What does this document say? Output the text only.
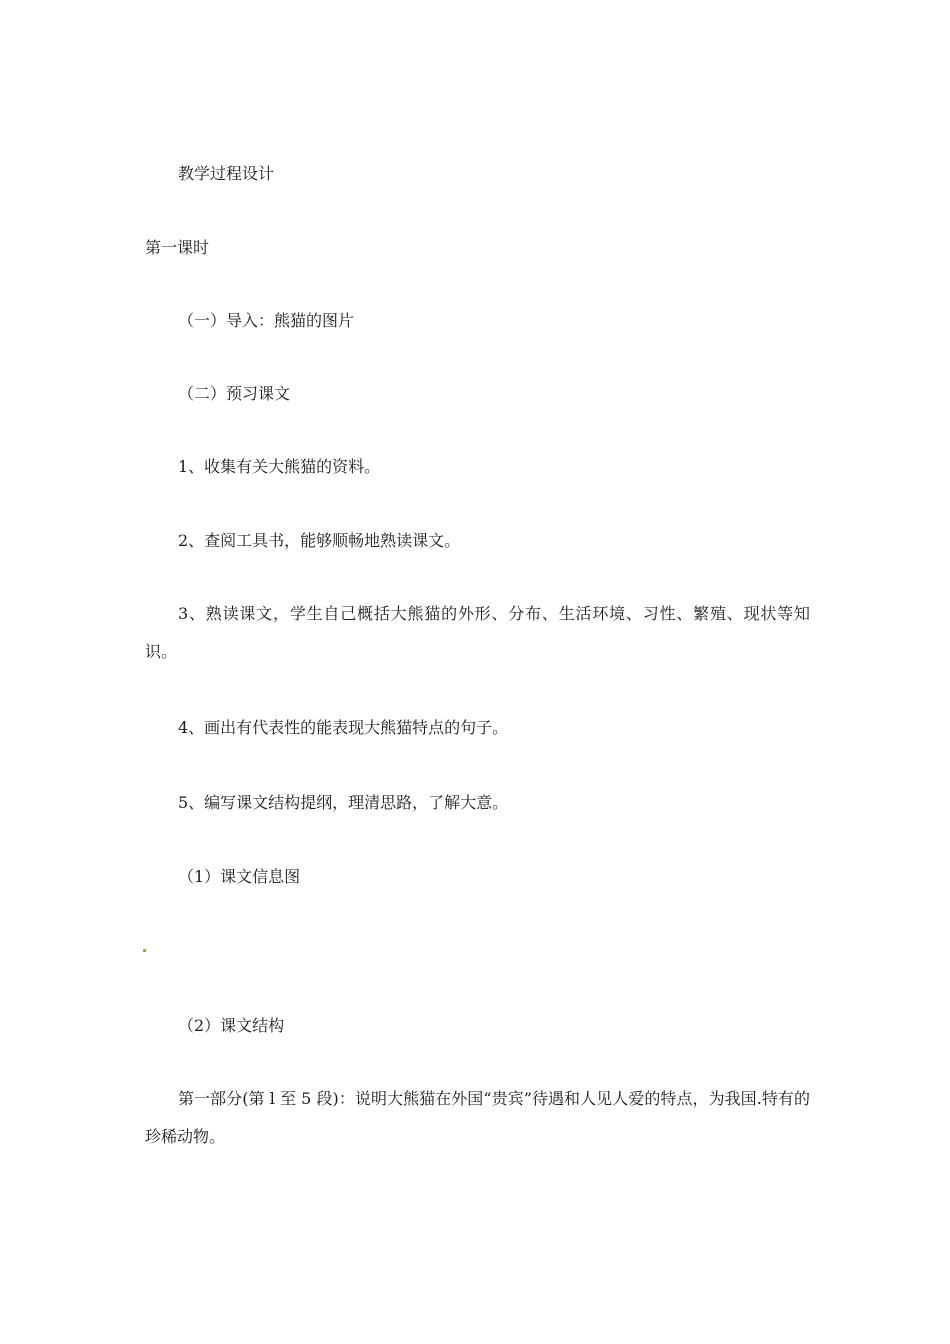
教学过程设计
第一课时
（一）导入：熊猫的图片
（二）预习课文
1、收集有关大熊猫的资料。
2、查阅工具书，能够顺畅地熟读课文。

3、熟读课文，学生自己概括大熊猫的外形、分布、生活环境、习性、繁殖、现状等知识。

4、画出有代表性的能表现大熊猫特点的句子。
5、编写课文结构提纲，理清思路，了解大意。
（1）课文信息图
（2）课文结构

第一部分(第 l 至 5 段)：说明大熊猫在外国“贵宾”待遇和人见人爱的特点，为我国.特有的珍稀动物。
